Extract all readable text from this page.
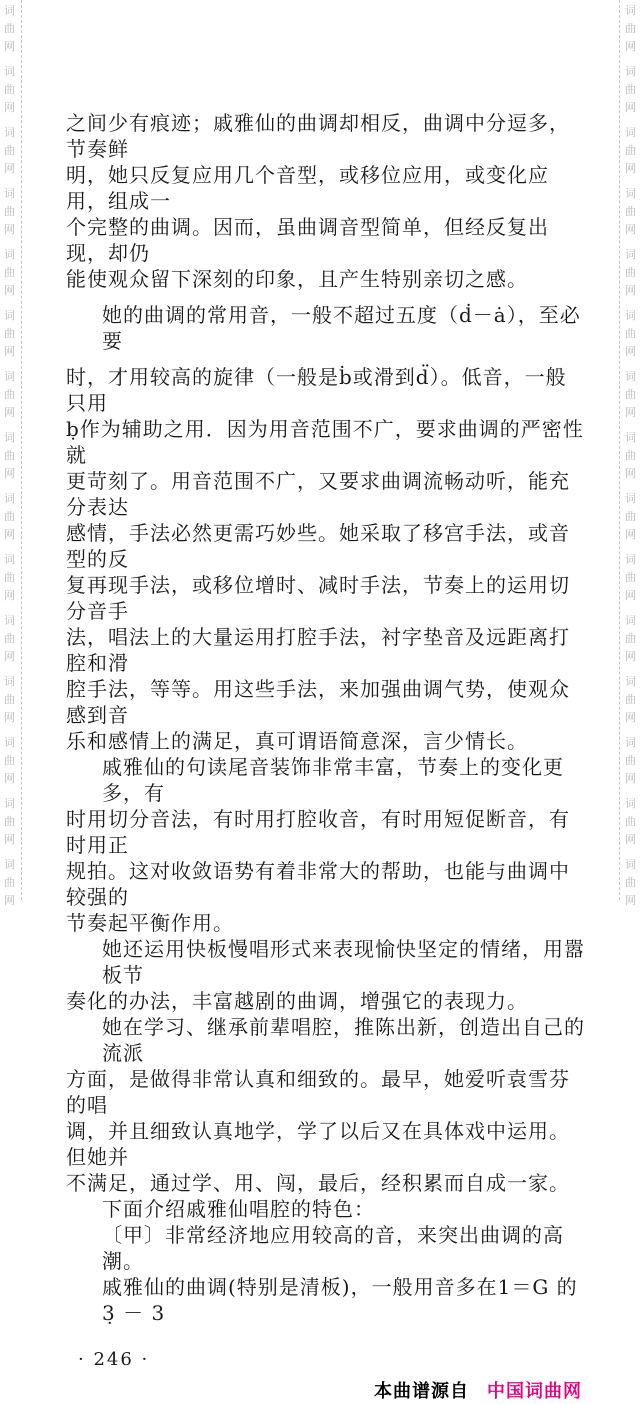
词
曲
网
词
曲
网
词
曲
网
词
曲
网
词
曲
网
词
曲
网
词
曲
网
词
曲
网
词
曲
网
词
曲
网
词
曲
网
词
曲
网
词
曲
网
词
曲
网
词
曲
网
词
曲
网
词
曲
网
词
曲
网
词
曲
网
词
曲
网
词
曲
网
词
曲
网
词
曲
网
词
曲
网
词
曲
网
词
曲
网
词
曲
网
词
曲
网
词
曲
网
词
曲
网
之间少有痕迹；戚雅仙的曲调却相反，曲调中分逗多，节奏鲜
明，她只反复应用几个音型，或移位应用，或变化应用，组成一
个完整的曲调。因而，虽曲调音型简单，但经反复出现，却仍
能使观众留下深刻的印象，且产生特别亲切之感。
她的曲调的常用音，一般不超过五度（ḋ－ȧ），至必要
时，才用较高的旋律（一般是ḃ或滑到d̈）。低音，一般只用
ḅ作为辅助之用．因为用音范围不广，要求曲调的严密性就
更苛刻了。用音范围不广，又要求曲调流畅动听，能充分表达
感情，手法必然更需巧妙些。她采取了移宫手法，或音型的反
复再现手法，或移位增时、减时手法，节奏上的运用切分音手
法，唱法上的大量运用打腔手法，衬字垫音及远距离打腔和滑
腔手法，等等。用这些手法，来加强曲调气势，使观众感到音
乐和感情上的满足，真可谓语简意深，言少情长。
戚雅仙的句读尾音装饰非常丰富，节奏上的变化更多，有
时用切分音法，有时用打腔收音，有时用短促断音，有时用正
规拍。这对收敛语势有着非常大的帮助，也能与曲调中较强的
节奏起平衡作用。
她还运用快板慢唱形式来表现愉快坚定的情绪，用嚣板节
奏化的办法，丰富越剧的曲调，增强它的表现力。
她在学习、继承前辈唱腔，推陈出新，创造出自己的流派
方面，是做得非常认真和细致的。最早，她爱听袁雪芬的唱
调，并且细致认真地学，学了以后又在具体戏中运用。但她并
不满足，通过学、用、闯，最后，经积累而自成一家。
下面介绍戚雅仙唱腔的特色：
〔甲〕非常经济地应用较高的音，来突出曲调的高潮。
戚雅仙的曲调(特别是清板)，一般用音多在1＝G 的 3̣ － 3
· 246 ·
本曲谱源自 中国词曲网
